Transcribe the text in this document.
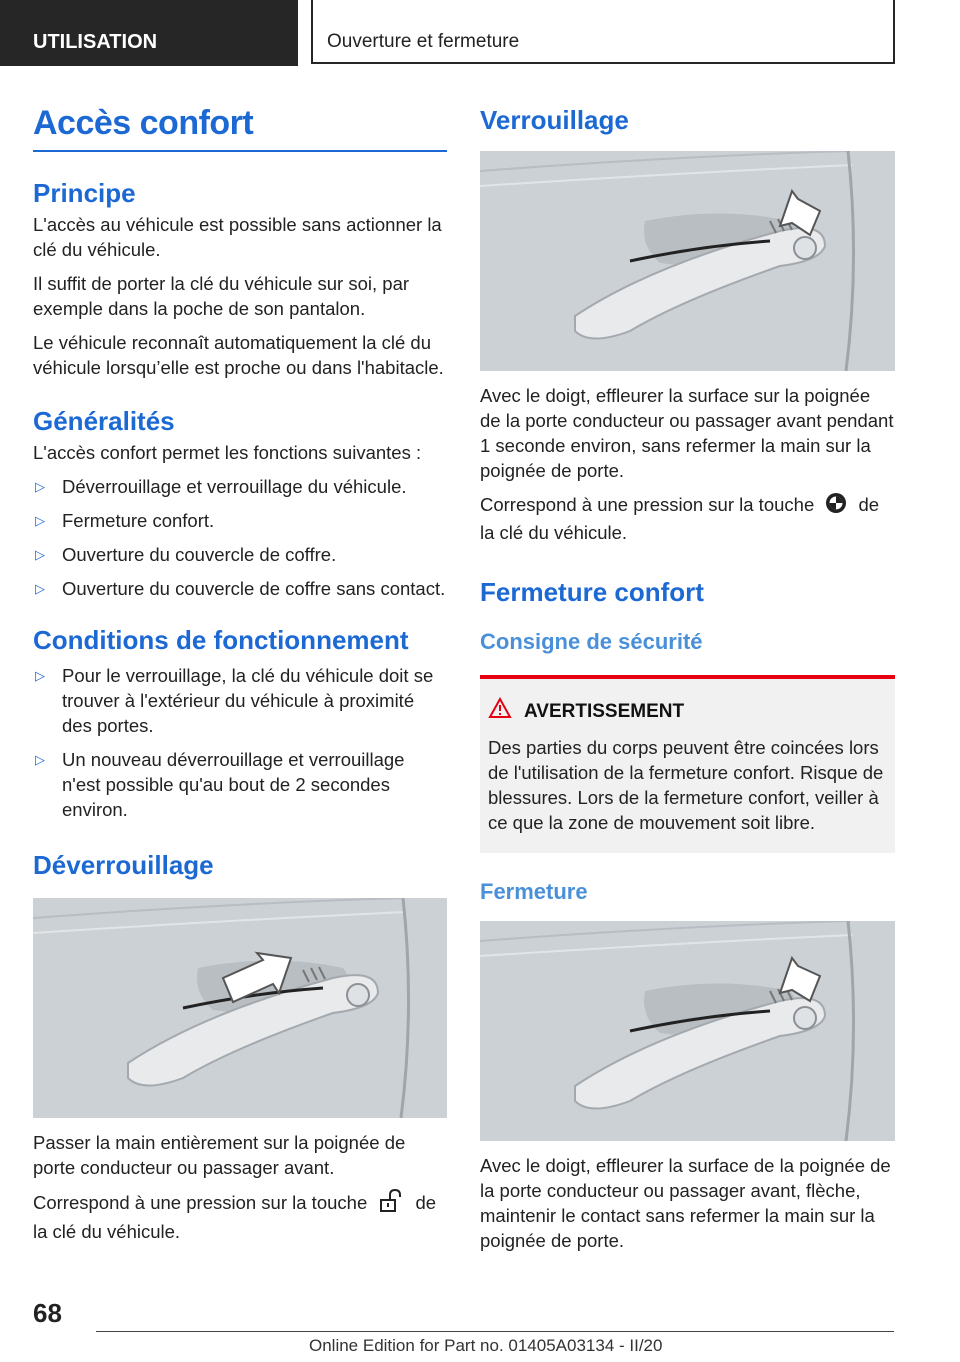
UTILISATION	Ouverture et fermeture
Accès confort
Principe

L'accès au véhicule est possible sans actionner la clé du véhicule.

Il suffit de porter la clé du véhicule sur soi, par exemple dans la poche de son pantalon.

Le véhicule reconnaît automatiquement la clé du véhicule lorsqu’elle est proche ou dans l'habitacle.

Généralités

L'accès confort permet les fonctions suivantes :

▷ Déverrouillage et verrouillage du véhicule.
▷ Fermeture confort.
▷ Ouverture du couvercle de coffre.
▷ Ouverture du couvercle de coffre sans contact.
Conditions de fonctionnement
▷ Pour le verrouillage, la clé du véhicule doit se trouver à l'extérieur du véhicule à proximité des portes.
▷ Un nouveau déverrouillage et verrouillage n'est possible qu'au bout de 2 secondes environ.
Déverrouillage

Passer la main entièrement sur la poignée de porte conducteur ou passager avant.

Correspond à une pression sur la touche	de la clé du véhicule.

Verrouillage

Avec le doigt, effleurer la surface sur la poignée de la porte conducteur ou passager avant pendant 1 seconde environ, sans refermer la main sur la poignée de porte.

Correspond à une pression sur la touche de la clé du véhicule.

Fermeture confort
Consigne de sécurité
AVERTISSEMENT

Des parties du corps peuvent être coincées lors de l'utilisation de la fermeture confort. Risque de blessures. Lors de la fermeture confort, veiller à ce que la zone de mouvement soit libre.

Fermeture

Avec le doigt, effleurer la surface de la poignée de la porte conducteur ou passager avant, flèche, maintenir le contact sans refermer la main sur la poignée de porte.

68
Online Edition for Part no. 01405A03134 - II/20
